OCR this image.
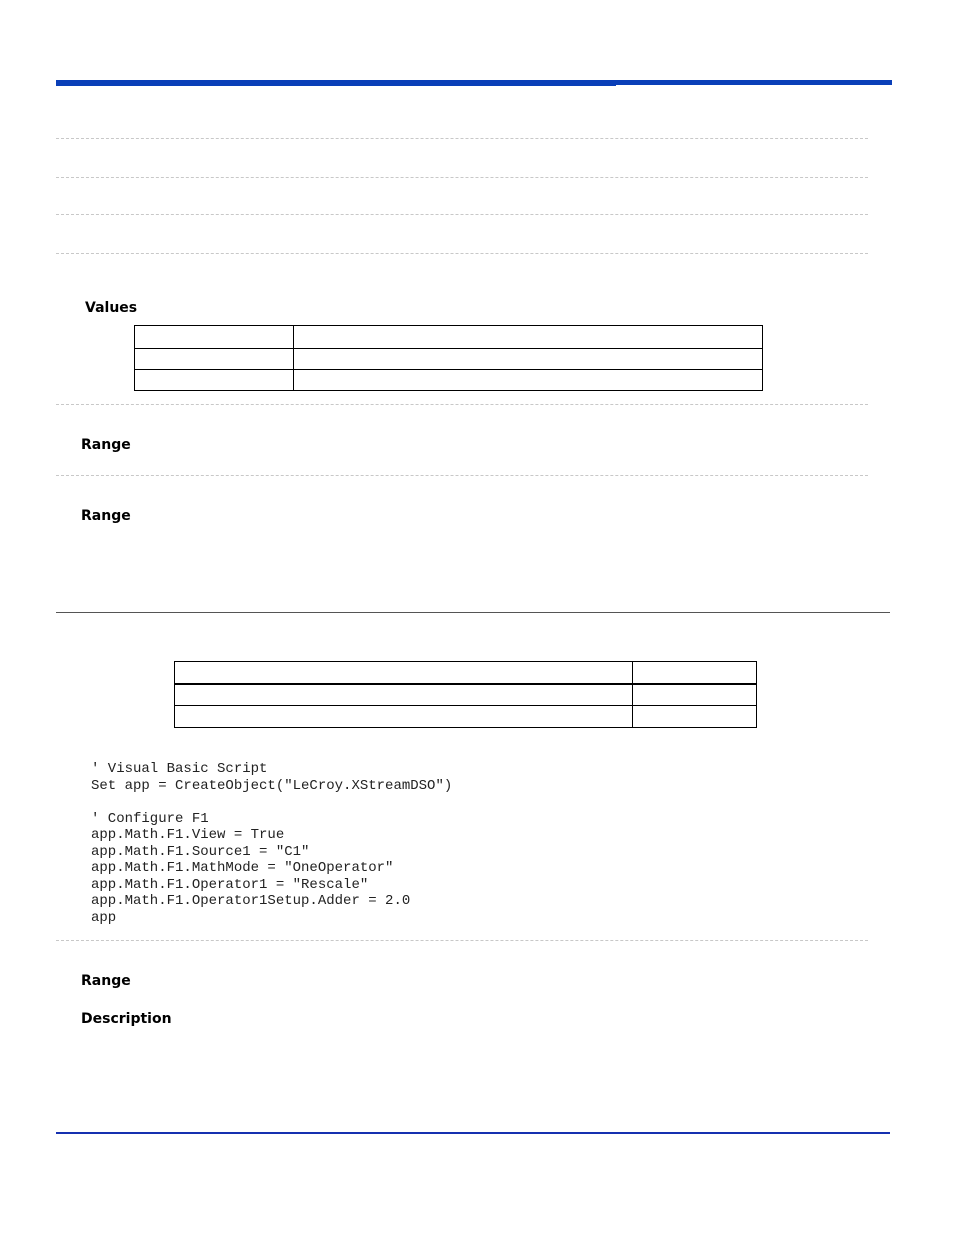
Values

Range
Range

' Visual Basic Script
Set app = CreateObject("LeCroy.XStreamDSO")
' Configure F1
app.Math.F1.View = True
app.Math.F1.Source1 = "C1"
app.Math.F1.MathMode = "OneOperator"
app.Math.F1.Operator1 = "Rescale"
app.Math.F1.Operator1Setup.Adder = 2.0
app
Range
Description
